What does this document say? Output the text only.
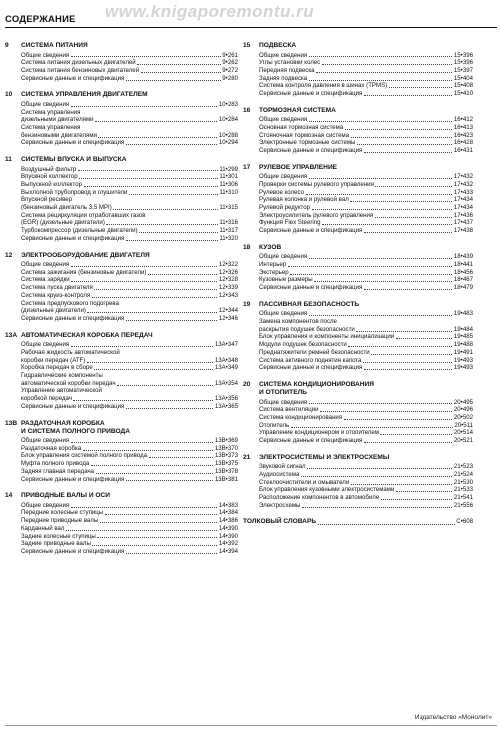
www.knigaporemontu.ru
СОДЕРЖАНИЕ
9	СИСТЕМА ПИТАНИЯ
Общие сведения	9•261
Система питания дизельных двигателей	9•262
Система питания бензиновых двигателей	9•272
Сервисные данные и спецификация	9•280
10	СИСТЕМА УПРАВЛЕНИЯ ДВИГАТЕЛЕМ
Общие сведения	10•283
Система управления
дизельными двигателями	10•284
Система управления
бензиновыми двигателями	10•288
Сервисные данные и спецификация	10•294
11	СИСТЕМЫ ВПУСКА И ВЫПУСКА
Воздушный фильтр	11•299
Впускной коллектор	11•301
Выпускной коллектор	11•306
Выхлопной трубопровод и глушители	11•310
Впускной ресивер
(бензиновый двигатель 3,5 MPI)	11•315
Система рециркуляции отработавших газов
(EGR) (дизельные двигатели)	11•316
Турбокомпрессор (дизельные двигатели)	11•317
Сервисные данные и спецификация	11•320
12	ЭЛЕКТРООБОРУДОВАНИЕ ДВИГАТЕЛЯ
Общие сведения	12•322
Система зажигания (бензиновые двигатели)	12•326
Система зарядки	12•328
Система пуска двигателя	12•339
Система круиз-контроля	12•343
Система предпускового подогрева
(дизельные двигатели)	12•344
Сервисные данные и спецификация	12•346
13А АВТОМАТИЧЕСКАЯ КОРОБКА ПЕРЕДАЧ
Общие сведения	13А•347
Рабочая жидкость автоматической
коробки передач (ATF)	13А•348
Коробка передач в сборе	13А•349
Гидравлические компоненты
автоматической коробки передач	13А•354
Управление автоматической
коробкой передач	13А•356
Сервисные данные и спецификация	13А•365
13В РАЗДАТОЧНАЯ КОРОБКА
И СИСТЕМА ПОЛНОГО ПРИВОДА
Общие сведения	13В•369
Раздаточная коробка	13В•370
Блок управления системой полного привода	13В•373
Муфта полного привода	13В•375
Задняя главная передача	13В•378
Сервисные данные и спецификация	13В•381
14	ПРИВОДНЫЕ ВАЛЫ И ОСИ
Общие сведения	14•383
Передние колесные ступицы	14•384
Передние приводные валы	14•386
Карданный вал	14•390
Задние колесные ступицы	14•390
Задние приводные валы	14•392
Сервисные данные и спецификация	14•394
15	ПОДВЕСКА
Общие сведения	15•396
Углы установки колес	15•396
Передняя подвеска	15•397
Задняя подвеска	15•404
Система контроля давления в шинах (TPMS)	15•408
Сервисные данные и спецификация	15•410
16	ТОРМОЗНАЯ СИСТЕМА
Общие сведения	16•412
Основная тормозная система	16•413
Стояночная тормозная система	16•423
Электронные тормозные системы	16•428
Сервисные данные и спецификация	16•431
17	РУЛЕВОЕ УПРАВЛЕНИЕ
Общие сведения	17•432
Проверки системы рулевого управления	17•432
Рулевое колесо	17•433
Рулевая колонка и рулевой вал	17•434
Рулевой редуктор	17•434
Электроусилитель рулевого управления	17•436
Функция Flex Steering	17•437
Сервисные данные и спецификация	17•438
18	КУЗОВ
Общие сведения	18•439
Интерьер	18•441
Экстерьер	18•456
Кузовные размеры	18•467
Сервисные данные и спецификация	18•479
19	ПАССИВНАЯ БЕЗОПАСНОСТЬ
Общие сведения	19•483
Замена компонентов после
раскрытия подушек безопасности	19•484
Блок управления и компоненты инициализации	19•485
Модули подушек безопасности	19•488
Преднатяжители ремней безопасности	19•491
Система активного поднятия капота	19•493
Сервисные данные и спецификация	19•493
20	СИСТЕМА КОНДИЦИОНИРОВАНИЯ
И ОТОПИТЕЛЬ
Общие сведения	20•495
Система вентиляции	20•496
Система кондиционирования	20•502
Отопитель	20•511
Управление кондиционером и отопителем	20•514
Сервисные данные и спецификация	20•521
21	ЭЛЕКТРОСИСТЕМЫ И ЭЛЕКТРОСХЕМЫ
Звуковой сигнал	21•523
Аудиосистема	21•524
Стеклоочистители и омыватели	21•530
Блок управления кузовными электросистемами	21•533
Расположение компонентов в автомобиле	21•541
Электросхемы	21•556
ТОЛКОВЫЙ СЛОВАРЬ	С•608
Издательство «Монолит»
